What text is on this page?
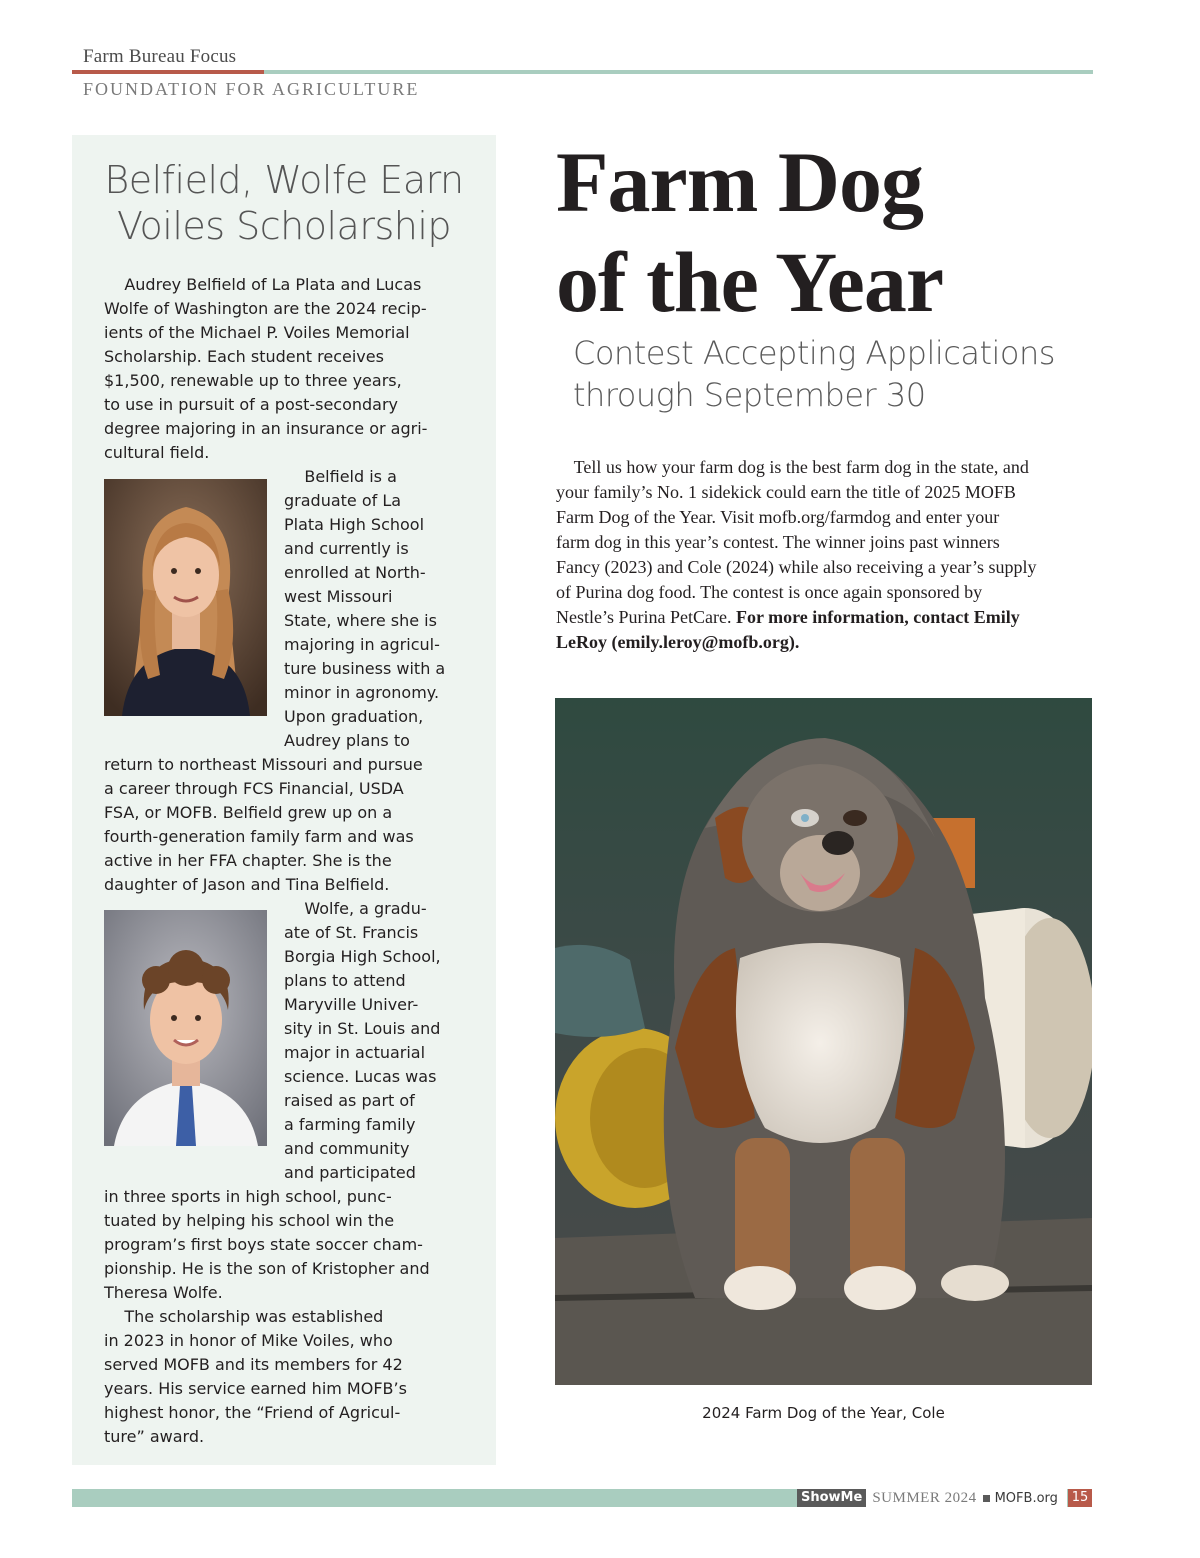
Farm Bureau Focus
FOUNDATION FOR AGRICULTURE
Belfield, Wolfe Earn
Voiles Scholarship
Audrey Belfield of La Plata and Lucas
Wolfe of Washington are the 2024 recip-
ients of the Michael P. Voiles Memorial
Scholarship. Each student receives
$1,500, renewable up to three years,
to use in pursuit of a post-secondary
degree majoring in an insurance or agri-
cultural field.
Belfield is a
graduate of La
Plata High School
and currently is
enrolled at North-
west Missouri
State, where she is
majoring in agricul-
ture business with a
minor in agronomy.
Upon graduation,
Audrey plans to
return to northeast Missouri and pursue
a career through FCS Financial, USDA
FSA, or MOFB. Belfield grew up on a
fourth-generation family farm and was
active in her FFA chapter. She is the
daughter of Jason and Tina Belfield.
Wolfe, a gradu-
ate of St. Francis
Borgia High School,
plans to attend
Maryville Univer-
sity in St. Louis and
major in actuarial
science. Lucas was
raised as part of
a farming family
and community
and participated
in three sports in high school, punc-
tuated by helping his school win the
program’s first boys state soccer cham-
pionship. He is the son of Kristopher and
Theresa Wolfe.
The scholarship was established
in 2023 in honor of Mike Voiles, who
served MOFB and its members for 42
years. His service earned him MOFB’s
highest honor, the “Friend of Agricul-
ture” award.
Farm Dog
of the Year
Contest Accepting Applications
through September 30
Tell us how your farm dog is the best farm dog in the state, and
your family’s No. 1 sidekick could earn the title of 2025 MOFB
Farm Dog of the Year. Visit mofb.org/farmdog and enter your
farm dog in this year’s contest. The winner joins past winners
Fancy (2023) and Cole (2024) while also receiving a year’s supply
of Purina dog food. The contest is once again sponsored by
Nestle’s Purina PetCare. For more information, contact Emily
LeRoy (emily.leroy@mofb.org).
2024 Farm Dog of the Year, Cole
ShowMe SUMMER 2024 MOFB.org 15
